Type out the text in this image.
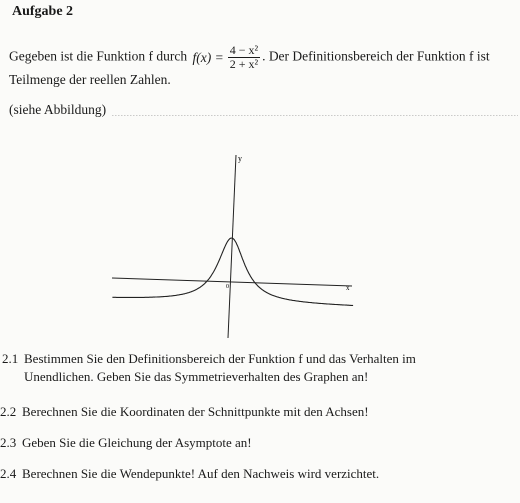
Aufgabe 2
Gegeben ist die Funktion f durch $f(x) = \frac{\text{4 − x²}}{\text{2 + x²}}$ . Der Definitionsbereich der Funktion f ist
Teilmenge der reellen Zahlen.
(siehe Abbildung)
y
x
0
2.1 Bestimmen Sie den Definitionsbereich der Funktion f und das Verhalten im
Unendlichen. Geben Sie das Symmetrieverhalten des Graphen an!
2.2 Berechnen Sie die Koordinaten der Schnittpunkte mit den Achsen!
2.3 Geben Sie die Gleichung der Asymptote an!
2.4 Berechnen Sie die Wendepunkte! Auf den Nachweis wird verzichtet.
